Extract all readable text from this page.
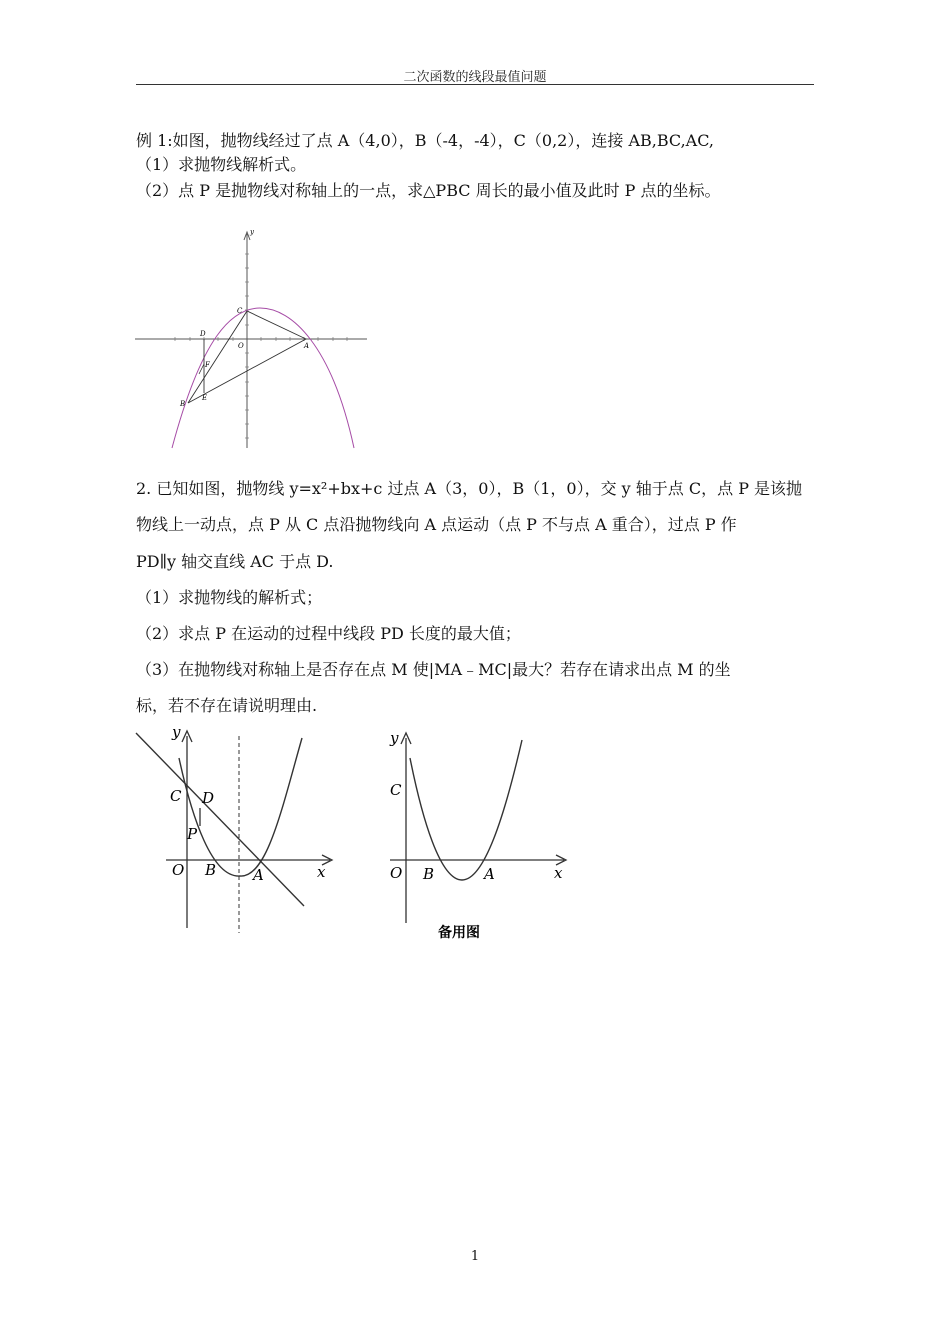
二次函数的线段最值问题
例 1:如图，抛物线经过了点 A（4,0），B（-4，-4），C（0,2），连接 AB,BC,AC,
（1）求抛物线解析式。
（2）点 P 是抛物线对称轴上的一点，求△PBC 周长的最小值及此时 P 点的坐标。
y
C
D
O	A
F
B
E
2. 已知如图，抛物线 y=x²+bx+c 过点 A（3，0），B（1，0），交 y 轴于点 C，点 P 是该抛
物线上一动点，点 P 从 C 点沿抛物线向 A 点运动（点 P 不与点 A 重合），过点 P 作
PD∥y 轴交直线 AC 于点 D.
（1）求抛物线的解析式；
（2）求点 P 在运动的过程中线段 PD 长度的最大值；
（3）在抛物线对称轴上是否存在点 M 使|MA﹣MC|最大？若存在请求出点 M 的坐
标，若不存在请说明理由.
y
C D
P
O B A	x
y
C
O B	A	x
备用图
1
